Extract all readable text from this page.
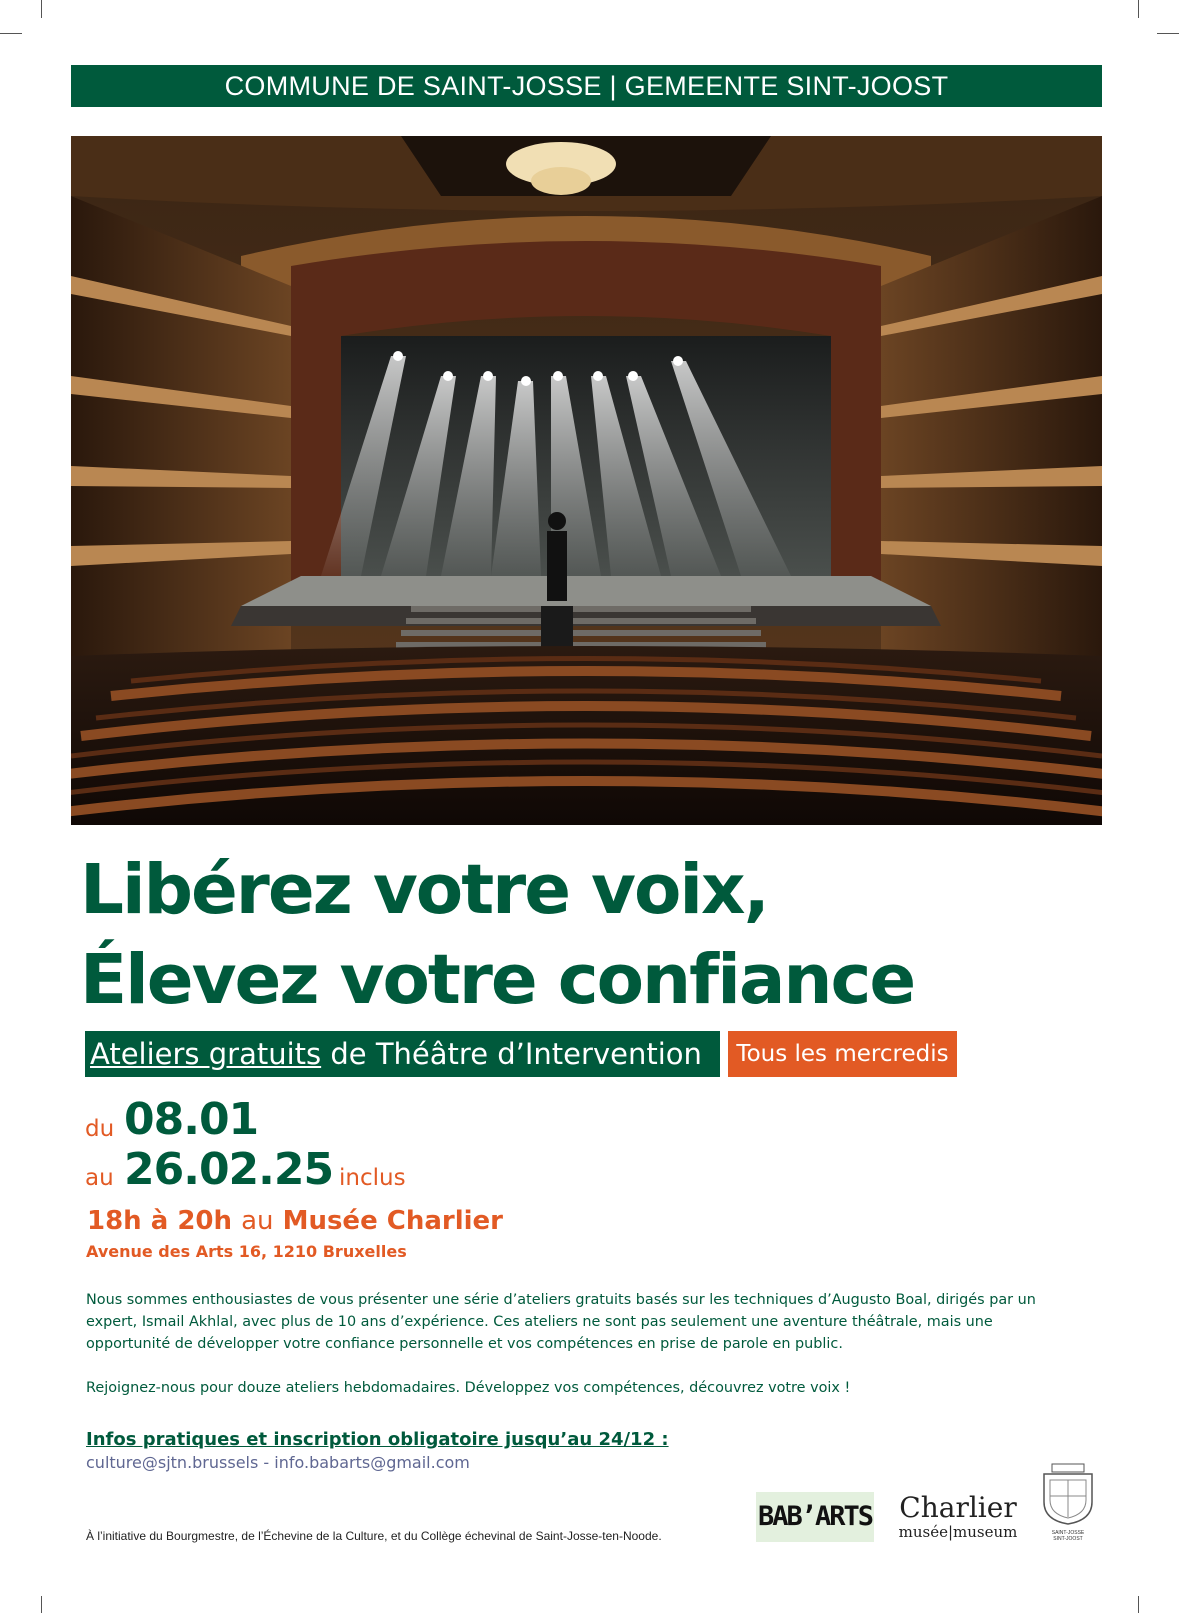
COMMUNE DE SAINT-JOSSE | GEMEENTE SINT-JOOST
Libérez votre voix,
Élevez votre confiance
Ateliers gratuits de Théâtre d’Intervention	Tous les mercredis
du 08.01
au 26.02.25 inclus
18h à 20h au Musée Charlier
Avenue des Arts 16, 1210 Bruxelles
Nous sommes enthousiastes de vous présenter une série d’ateliers gratuits basés sur les techniques d’Augusto Boal, dirigés par un expert, Ismail Akhlal, avec plus de 10 ans d’expérience. Ces ateliers ne sont pas seulement une aventure théâtrale, mais une opportunité de développer votre confiance personnelle et vos compétences en prise de parole en public.
Rejoignez-nous pour douze ateliers hebdomadaires. Développez vos compétences, découvrez votre voix !
Infos pratiques et inscription obligatoire jusqu’au 24/12 :
culture@sjtn.brussels - info.babarts@gmail.com
À l’initiative du Bourgmestre, de l’Échevine de la Culture, et du Collège échevinal de Saint-Josse-ten-Noode.
BAB’ARTS Charlier
musée|museum	SAINT-JOSSE
SINT-JOOST
